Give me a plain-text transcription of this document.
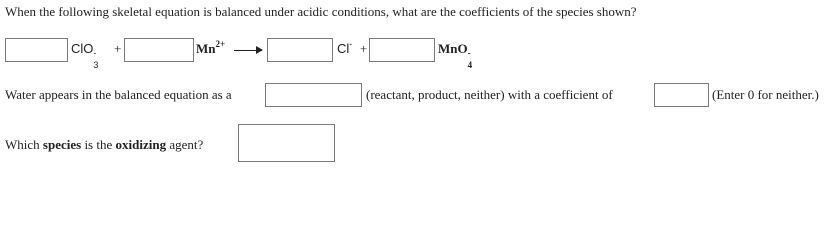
When the following skeletal equation is balanced under acidic conditions, what are the coefficients of the species shown?
ClO -
3
+	$Mn^{2+}$	Cl- +	MnO -
4
Water appears in the balanced equation as a	(reactant, product, neither) with a coefficient of	(Enter 0 for neither.)
Which species is the oxidizing agent?
